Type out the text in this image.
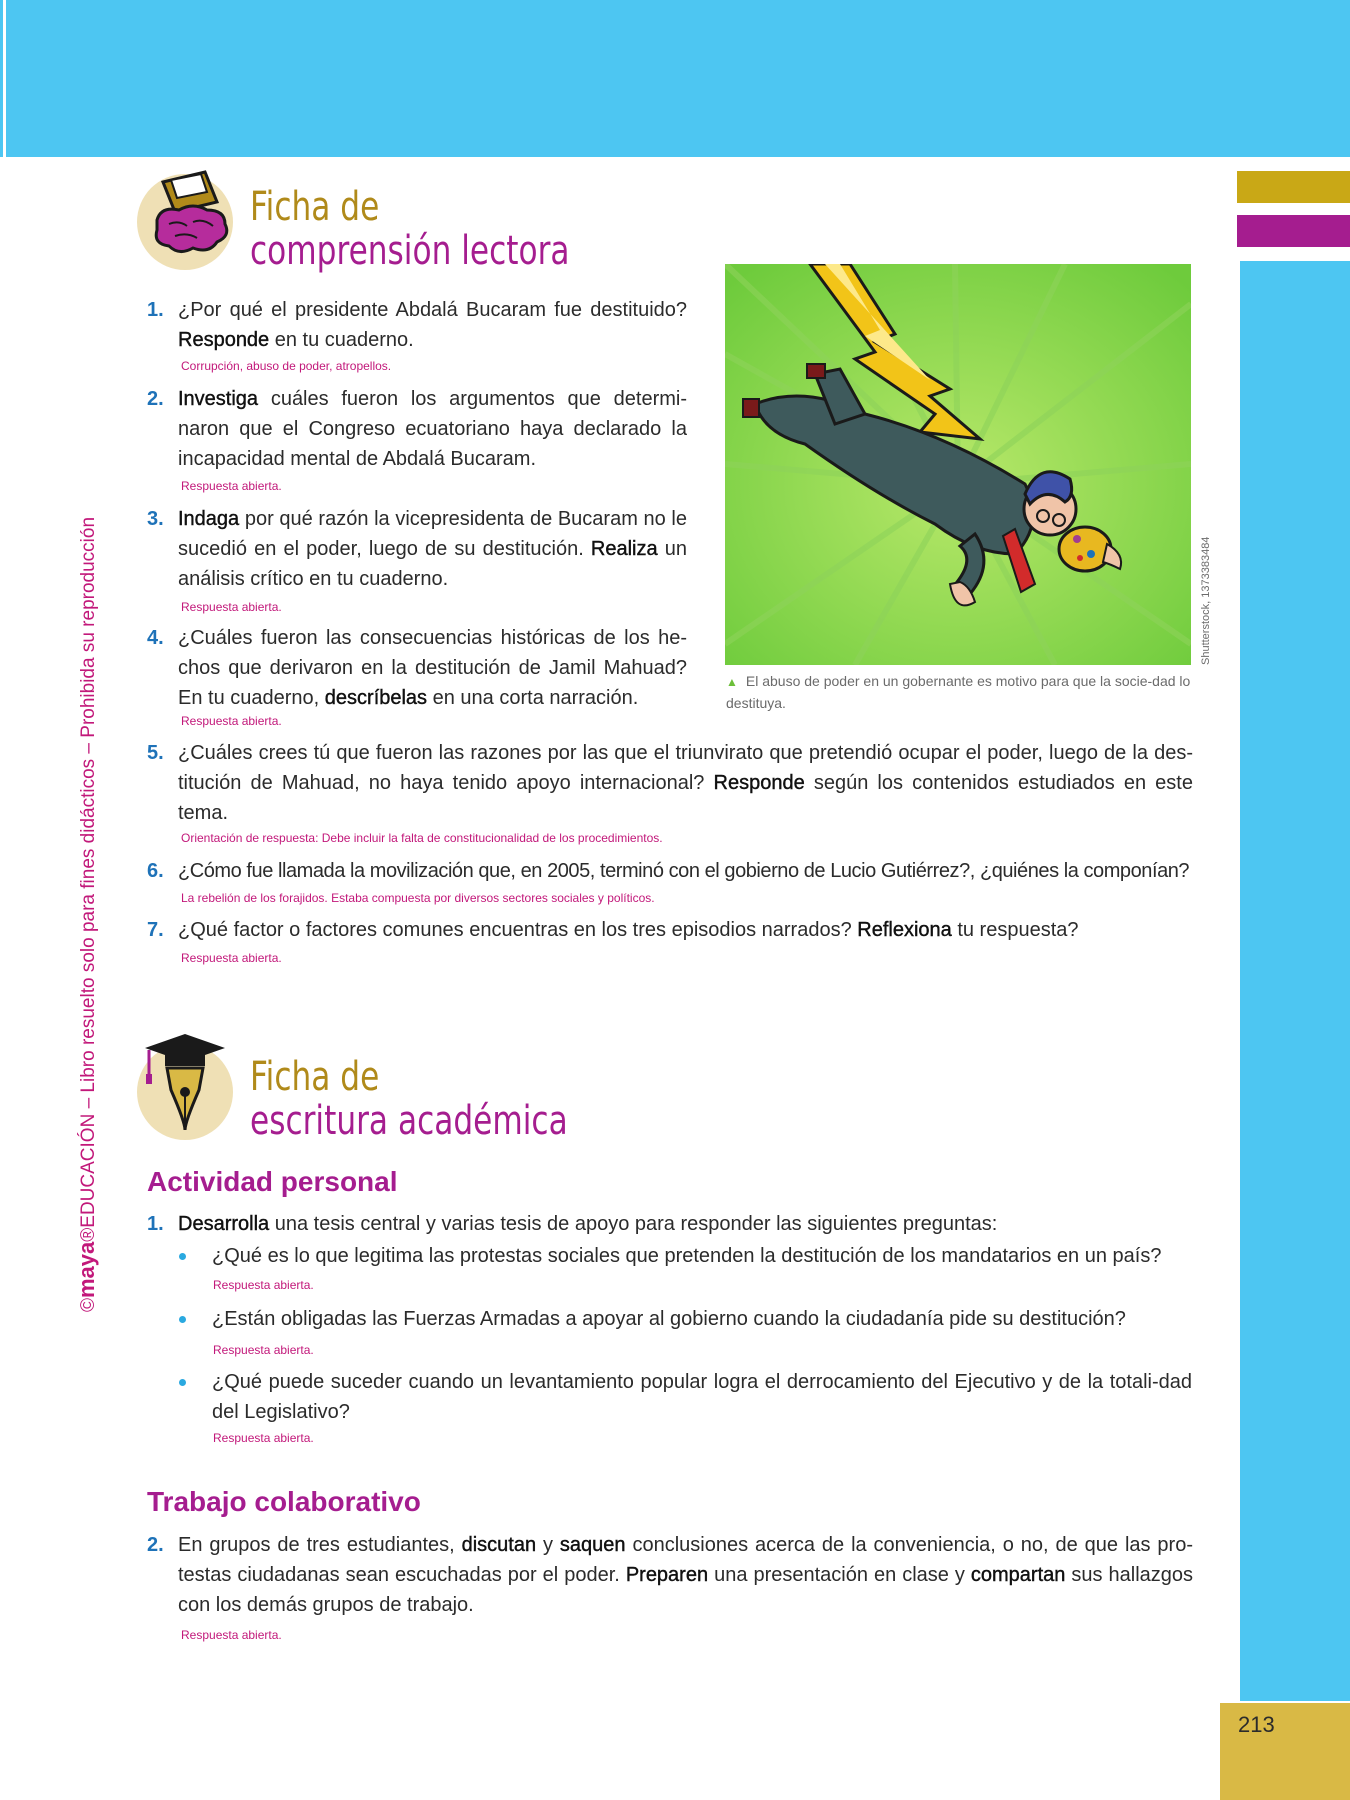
213
©maya®EDUCACIÓN – Libro resuelto solo para fines didácticos – Prohibida su reproducción
Ficha de
comprensión lectora
1. ¿Por qué el presidente Abdalá Bucaram fue destituido? Responde en tu cuaderno.
Corrupción, abuso de poder, atropellos.
2. Investiga cuáles fueron los argumentos que determi-naron que el Congreso ecuatoriano haya declarado la incapacidad mental de Abdalá Bucaram.
Respuesta abierta.
3. Indaga por qué razón la vicepresidenta de Bucaram no le sucedió en el poder, luego de su destitución. Realiza un análisis crítico en tu cuaderno.
Respuesta abierta.
4. ¿Cuáles fueron las consecuencias históricas de los he-chos que derivaron en la destitución de Jamil Mahuad? En tu cuaderno, descríbelas en una corta narración.
Respuesta abierta.
Shutterstock, 1373383484
▲ El abuso de poder en un gobernante es motivo para que la socie-dad lo destituya.
5. ¿Cuáles crees tú que fueron las razones por las que el triunvirato que pretendió ocupar el poder, luego de la des-titución de Mahuad, no haya tenido apoyo internacional? Responde según los contenidos estudiados en este tema.
Orientación de respuesta: Debe incluir la falta de constitucionalidad de los procedimientos.
6. ¿Cómo fue llamada la movilización que, en 2005, terminó con el gobierno de Lucio Gutiérrez?, ¿quiénes la componían?
La rebelión de los forajidos. Estaba compuesta por diversos sectores sociales y políticos.
7. ¿Qué factor o factores comunes encuentras en los tres episodios narrados? Reflexiona tu respuesta?
Respuesta abierta.
Ficha de
escritura académica
Actividad personal
1. Desarrolla una tesis central y varias tesis de apoyo para responder las siguientes preguntas:
¿Qué es lo que legitima las protestas sociales que pretenden la destitución de los mandatarios en un país?
Respuesta abierta.
¿Están obligadas las Fuerzas Armadas a apoyar al gobierno cuando la ciudadanía pide su destitución?
Respuesta abierta.
¿Qué puede suceder cuando un levantamiento popular logra el derrocamiento del Ejecutivo y de la totali-dad del Legislativo?
Respuesta abierta.
Trabajo colaborativo
2. En grupos de tres estudiantes, discutan y saquen conclusiones acerca de la conveniencia, o no, de que las pro-testas ciudadanas sean escuchadas por el poder. Preparen una presentación en clase y compartan sus hallazgos con los demás grupos de trabajo.
Respuesta abierta.
